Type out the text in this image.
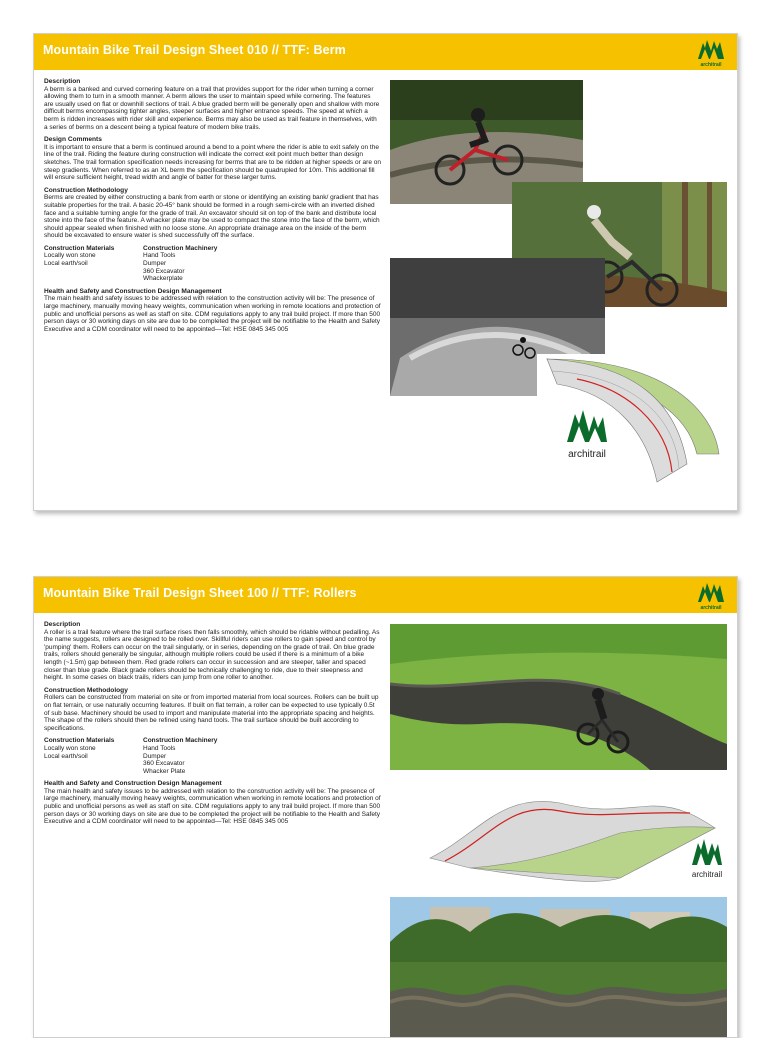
Mountain Bike Trail Design Sheet 010 // TTF: Berm
architrail
Description

A berm is a banked and curved cornering feature on a trail that provides support for the rider when turning a corner allowing them to turn in a smooth manner. A berm allows the user to maintain speed while cornering. The features are usually used on flat or downhill sections of trail. A blue graded berm will be generally open and shallow with more difficult berms encompassing tighter angles, steeper surfaces and higher entrance speeds. The speed at which a berm is ridden increases with rider skill and experience. Berms may also be used as trail feature in themselves, with a series of berms on a descent being a typical feature of modern bike trails.

Design Comments

It is important to ensure that a berm is continued around a bend to a point where the rider is able to exit safely on the line of the trail. Riding the feature during construction will indicate the correct exit point much better than design sketches. The trail formation specification needs increasing for berms that are to be ridden at higher speeds or are on steep gradients. When referred to as an XL berm the specification should be quadrupled for 10m. This additional fill will ensure sufficient height, tread width and angle of batter for these larger turns.

Construction Methodology

Berms are created by either constructing a bank from earth or stone or identifying an existing bank/ gradient that has suitable properties for the trail. A basic 20-45° bank should be formed in a rough semi-circle with an inverted dished face and a suitable turning angle for the grade of trail. An excavator should sit on top of the bank and distribute local stone into the face of the feature. A whacker plate may be used to compact the stone into the face of the berm, which should appear sealed when finished with no loose stone. An appropriate drainage area on the inside of the berm should be excavated to ensure water is shed successfully off the surface.

Construction Materials
Locally won stone
Local earth/soil
Construction Machinery
Hand Tools
Dumper
360 Excavator
Whackerplate
Health and Safety and Construction Design Management

The main health and safety issues to be addressed with relation to the construction activity will be: The presence of large machinery, manually moving heavy weights, communication when working in remote locations and protection of public and unofficial persons as well as staff on site. CDM regulations apply to any trail build project. If more than 500 person days or 30 working days on site are due to be completed the project will be notifiable to the Health and Safety Executive and a CDM coordinator will need to be appointed—Tel: HSE 0845 345 005

architrail
Mountain Bike Trail Design Sheet 100 // TTF: Rollers
architrail
Description

A roller is a trail feature where the trail surface rises then falls smoothly, which should be ridable without pedalling. As the name suggests, rollers are designed to be rolled over. Skillful riders can use rollers to gain speed and control by 'pumping' them. Rollers can occur on the trail singularly, or in series, depending on the grade of trail. On blue grade trails, rollers should generally be singular, although multiple rollers could be used if there is a minimum of a bike length (~1.5m) gap between them. Red grade rollers can occur in succession and are steeper, taller and spaced closer than blue grade. Black grade rollers should be technically challenging to ride, due to their steepness and height. In some cases on black trails, riders can jump from one roller to another.

Construction Methodology

Rollers can be constructed from material on site or from imported material from local sources. Rollers can be built up on flat terrain, or use naturally occurring features. If built on flat terrain, a roller can be expected to use typically 0.5t of sub base. Machinery should be used to import and manipulate material into the appropriate spacing and heights. The shape of the rollers should then be refined using hand tools. The trail surface should be built according to specifications.

Construction Materials
Locally won stone
Local earth/soil
Construction Machinery
Hand Tools
Dumper
360 Excavator
Whacker Plate
Health and Safety and Construction Design Management

The main health and safety issues to be addressed with relation to the construction activity will be: The presence of large machinery, manually moving heavy weights, communication when working in remote locations and protection of public and unofficial persons as well as staff on site. CDM regulations apply to any trail build project. If more than 500 person days or 30 working days on site are due to be completed the project will be notifiable to the Health and Safety Executive and a CDM coordinator will need to be appointed—Tel: HSE 0845 345 005

architrail
